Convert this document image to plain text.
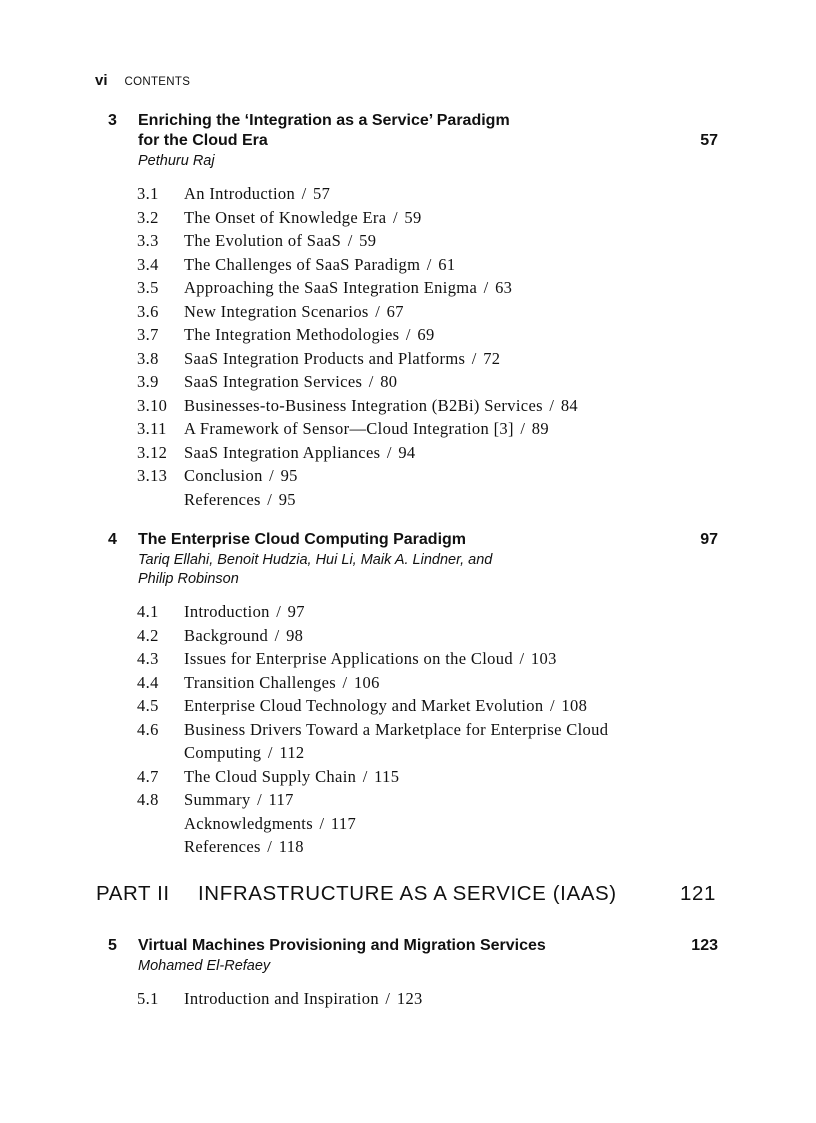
vi CONTENTS
3 Enriching the ‘Integration as a Service’ Paradigm
for the Cloud Era	57
Pethuru Raj
3.1	An Introduction / 57
3.2	The Onset of Knowledge Era / 59
3.3	The Evolution of SaaS / 59
3.4	The Challenges of SaaS Paradigm / 61
3.5	Approaching the SaaS Integration Enigma / 63
3.6	New Integration Scenarios / 67
3.7	The Integration Methodologies / 69
3.8	SaaS Integration Products and Platforms / 72
3.9	SaaS Integration Services / 80
3.10	Businesses-to-Business Integration (B2Bi) Services / 84
3.11	A Framework of Sensor—Cloud Integration [3] / 89
3.12	SaaS Integration Appliances / 94
3.13	Conclusion / 95
References / 95
4 The Enterprise Cloud Computing Paradigm	97
Tariq Ellahi, Benoit Hudzia, Hui Li, Maik A. Lindner, and
Philip Robinson
4.1	Introduction / 97
4.2	Background / 98
4.3	Issues for Enterprise Applications on the Cloud / 103
4.4	Transition Challenges / 106
4.5	Enterprise Cloud Technology and Market Evolution / 108
4.6	Business Drivers Toward a Marketplace for Enterprise Cloud
Computing / 112
4.7	The Cloud Supply Chain / 115
4.8	Summary / 117
Acknowledgments / 117
References / 118
PART II INFRASTRUCTURE AS A SERVICE (IAAS)	121
5 Virtual Machines Provisioning and Migration Services	123
Mohamed El-Refaey
5.1	Introduction and Inspiration / 123
